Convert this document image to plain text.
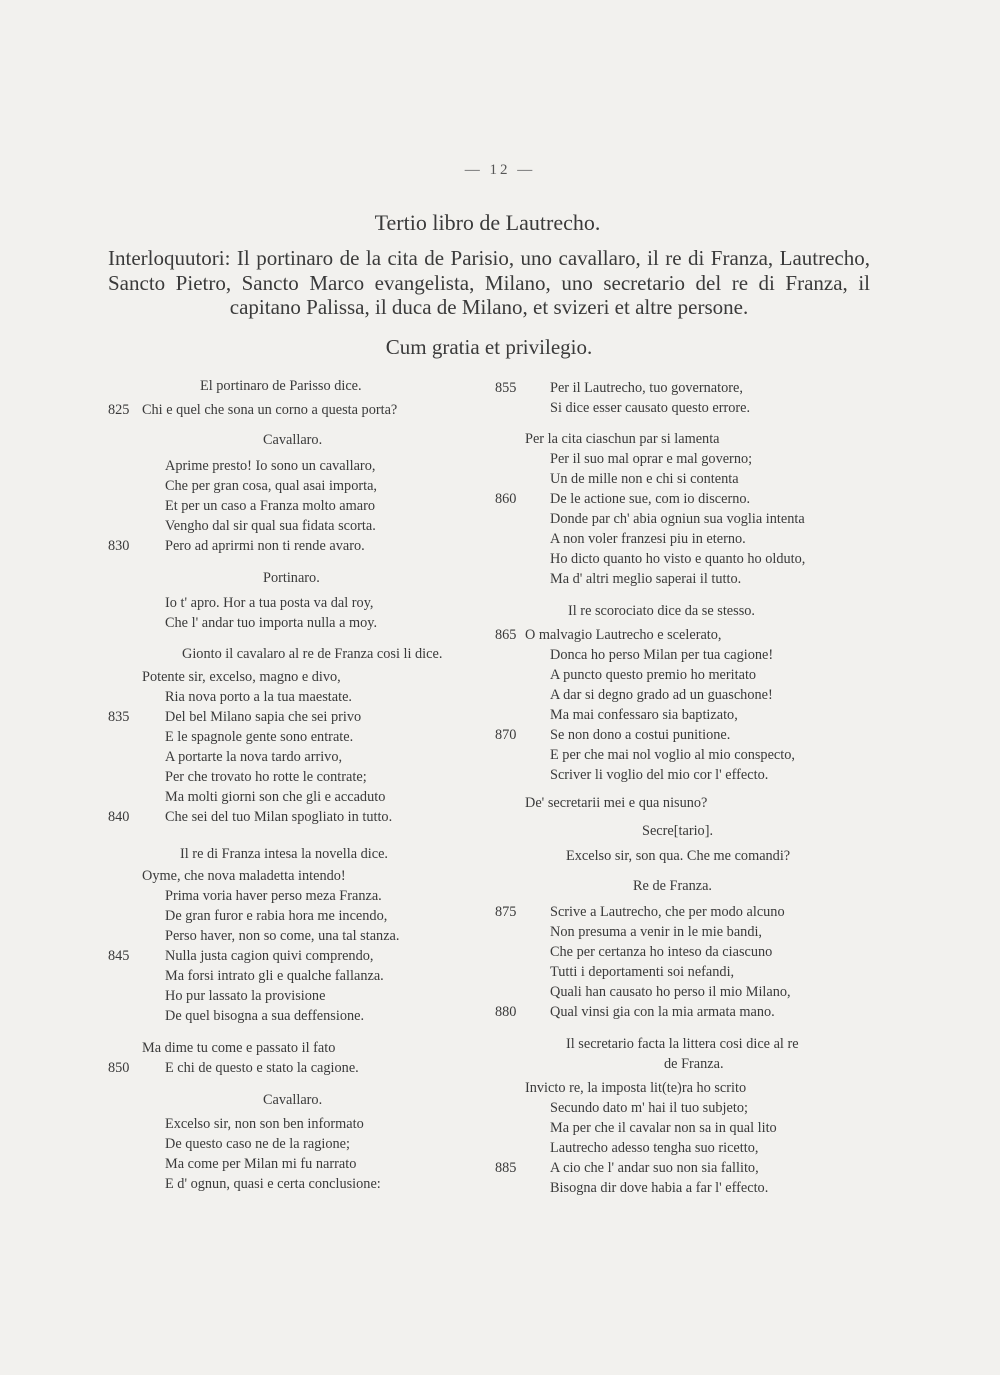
— 12 —
Tertio libro de Lautrecho.
Interloquutori: Il portinaro de la cita de Parisio, uno cavallaro, il re di Franza, Lautrecho, Sancto Pietro, Sancto Marco evangelista, Milano, uno secretario del re di Franza, il capitano Palissa, il duca de Milano, et svizeri et altre persone.
Cum gratia et privilegio.
El portinaro de Parisso dice.
825 Chi e quel che sona un corno a questa porta?
Cavallaro.
Aprime presto! Io sono un cavallaro,
Che per gran cosa, qual asai importa,
Et per un caso a Franza molto amaro
Vengho dal sir qual sua fidata scorta.
830 Pero ad aprirmi non ti rende avaro.
Portinaro.
Io t' apro. Hor a tua posta va dal roy,
Che l' andar tuo importa nulla a moy.
Gionto il cavalaro al re de Franza cosi li dice.
Potente sir, excelso, magno e divo,
Ria nova porto a la tua maestate.
835 Del bel Milano sapia che sei privo
E le spagnole gente sono entrate.
A portarte la nova tardo arrivo,
Per che trovato ho rotte le contrate;
Ma molti giorni son che gli e accaduto
840 Che sei del tuo Milan spogliato in tutto.
Il re di Franza intesa la novella dice.
Oyme, che nova maladetta intendo!
Prima voria haver perso meza Franza.
De gran furor e rabia hora me incendo,
Perso haver, non so come, una tal stanza.
845 Nulla justa cagion quivi comprendo,
Ma forsi intrato gli e qualche fallanza.
Ho pur lassato la provisione
De quel bisogna a sua deffensione.
Ma dime tu come e passato il fato
850 E chi de questo e stato la cagione.
Cavallaro.
Excelso sir, non son ben informato
De questo caso ne de la ragione;
Ma come per Milan mi fu narrato
E d' ognun, quasi e certa conclusione:
855 Per il Lautrecho, tuo governatore,
Si dice esser causato questo errore.
Per la cita ciaschun par si lamenta
Per il suo mal oprar e mal governo;
Un de mille non e chi si contenta
860 De le actione sue, com io discerno.
Donde par ch' abia ogniun sua voglia intenta
A non voler franzesi piu in eterno.
Ho dicto quanto ho visto e quanto ho olduto,
Ma d' altri meglio saperai il tutto.
Il re scorociato dice da se stesso.
865 O malvagio Lautrecho e scelerato,
Donca ho perso Milan per tua cagione!
A puncto questo premio ho meritato
A dar si degno grado ad un guaschone!
Ma mai confessaro sia baptizato,
870 Se non dono a costui punitione.
E per che mai nol voglio al mio conspecto,
Scriver li voglio del mio cor l' effecto.
De' secretarii mei e qua nisuno?
Secre[tario].
Excelso sir, son qua. Che me comandi?
Re de Franza.
875 Scrive a Lautrecho, che per modo alcuno
Non presuma a venir in le mie bandi,
Che per certanza ho inteso da ciascuno
Tutti i deportamenti soi nefandi,
Quali han causato ho perso il mio Milano,
880 Qual vinsi gia con la mia armata mano.
Il secretario facta la littera cosi dice al re
de Franza.
Invicto re, la imposta lit(te)ra ho scrito
Secundo dato m' hai il tuo subjeto;
Ma per che il cavalar non sa in qual lito
Lautrecho adesso tengha suo ricetto,
885 A cio che l' andar suo non sia fallito,
Bisogna dir dove habia a far l' effecto.
